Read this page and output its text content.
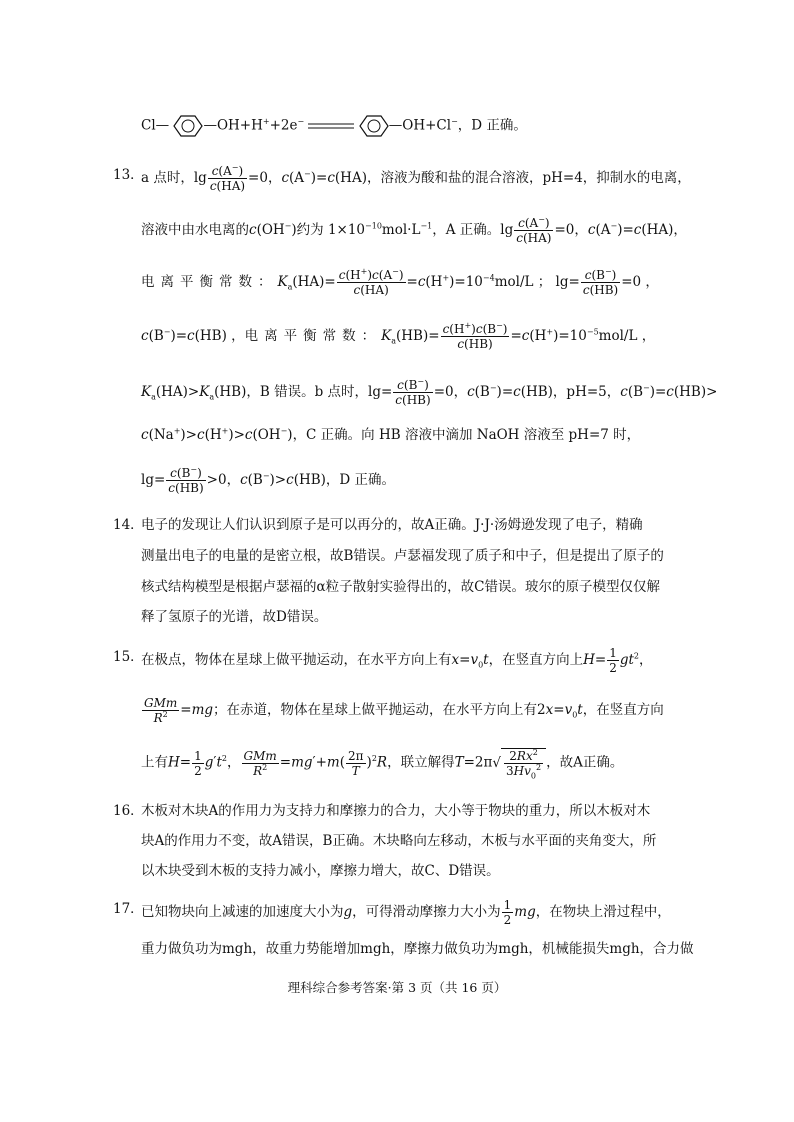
Cl— —OH+H++2e−	—OH+Cl−，D 正确。
13．
a 点时，$\lg \frac{c(A^-)}{c(HA)} =0$，c(A−)=c(HA)，溶液为酸和盐的混合溶液，pH=4，抑制水的电离，
溶液中由水电离的c(OH−)约为 $1\times 10^{-10}mol\cdot L^{-1}$，A 正确。$\lg \frac{c(A^-)}{c(HA)} =0$，c(A−)=c(HA)，
电离平衡常数：$K_a(HA)= \frac{c(H^+)c(A^-)}{c(HA)} =c(H^+)=10^{-4}mol/L$ ； $\lg= \frac{c(B^-)}{c(HB)} =0$ ，
c(B−)=c(HB) ，电离平衡常数：$K_a(HB)= \frac{c(H^+)c(B^-)}{c(HB)} =c(H^+)=10^{-5}mol/L$ ，
$K_a(HA)>K_a(HB)$，B 错误。b 点时，$\lg= \frac{c(B^-)}{c(HB)} =0$，c(B−)=c(HB)，pH=5，c(B−)=c(HB)>
c(Na+)>c(H+)>c(OH−)，C 正确。向 HB 溶液中滴加 NaOH 溶液至 pH=7 时，
$\lg= \frac{c(B^-)}{c(HB)} >0$，c(B−)>c(HB)，D 正确。
14．
电子的发现让人们认识到原子是可以再分的，故A正确。J·J·汤姆逊发现了电子，精确
测量出电子的电量的是密立根，故B错误。卢瑟福发现了质子和中子，但是提出了原子的
核式结构模型是根据卢瑟福的α粒子散射实验得出的，故C错误。玻尔的原子模型仅仅解
释了氢原子的光谱，故D错误。
15．
在极点，物体在星球上做平抛运动，在水平方向上有$x=v_0t$，在竖直方向上$H= \frac{1}{2} gt^2$，
$\frac{\text{GMm}}{R^2} =mg$；在赤道，物体在星球上做平抛运动，在水平方向上有$2x=v_0t$，在竖直方向
上有$H= \frac{1}{2} g't^2$， $\frac{\text{GMm}}{R^2} =mg'+m( \frac{2\pi}{T} )^2R$，联立解得$T=2\pi√ \frac{2Rx^2}{3Hv_0^2}$ ，故A正确。
16．
木板对木块A的作用力为支持力和摩擦力的合力，大小等于物块的重力，所以木板对木
块A的作用力不变，故A错误，B正确。木块略向左移动，木板与水平面的夹角变大，所
以木块受到木板的支持力减小，摩擦力增大，故C、D错误。
17．
已知物块向上减速的加速度大小为g，可得滑动摩擦力大小为 $\frac{1}{2}$ mg，在物块上滑过程中，
重力做负功为mgh，故重力势能增加mgh，摩擦力做负功为mgh，机械能损失mgh，合力做
理科综合参考答案·第 3 页（共 16 页）
